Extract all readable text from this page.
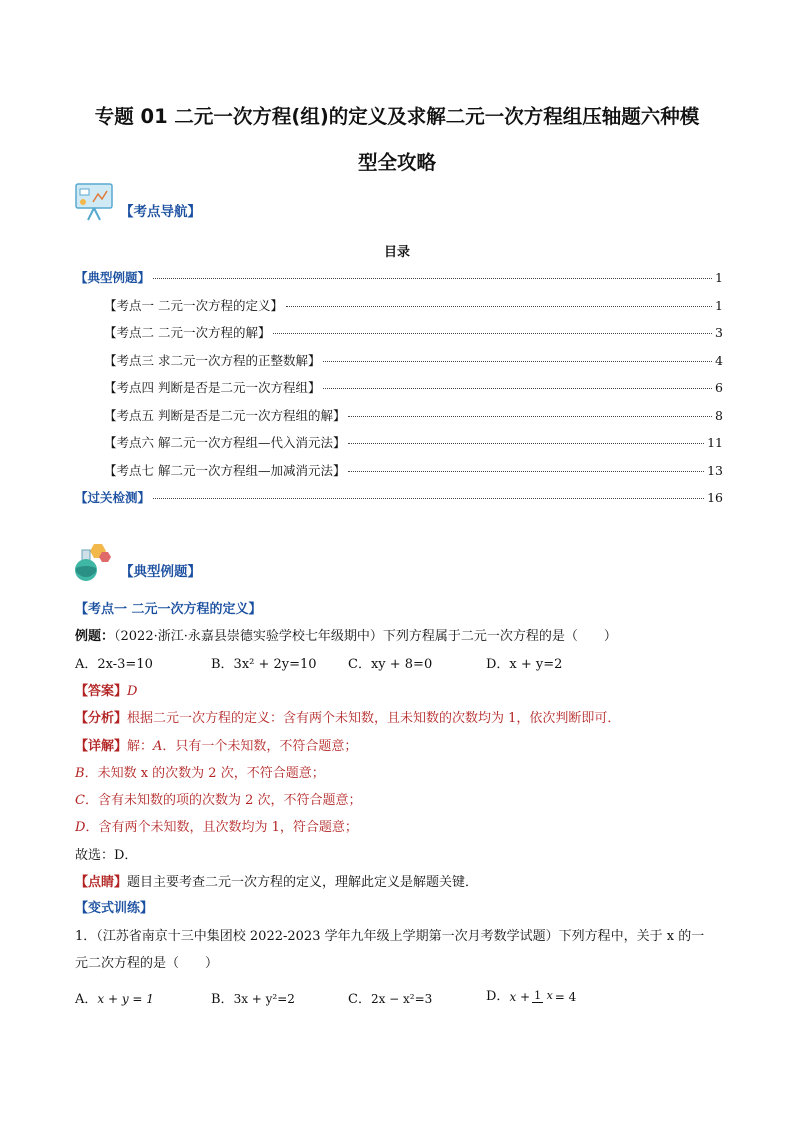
专题 01 二元一次方程(组)的定义及求解二元一次方程组压轴题六种模
型全攻略
【考点导航】
目录
【典型例题】	1
【考点一 二元一次方程的定义】	1
【考点二 二元一次方程的解】	3
【考点三 求二元一次方程的正整数解】	4
【考点四 判断是否是二元一次方程组】	6
【考点五 判断是否是二元一次方程组的解】	8
【考点六 解二元一次方程组—代入消元法】	11
【考点七 解二元一次方程组—加减消元法】	13
【过关检测】	16
【典型例题】
【考点一 二元一次方程的定义】
例题：（2022·浙江·永嘉县崇德实验学校七年级期中）下列方程属于二元一次方程的是（　　）
A．2x-3=10	B．3x² + 2y=10	C．xy + 8=0	D．x + y=2
【答案】D
【分析】根据二元一次方程的定义：含有两个未知数，且未知数的次数均为 1，依次判断即可．
【详解】解：A．只有一个未知数，不符合题意；
B．未知数 x 的次数为 2 次，不符合题意；
C．含有未知数的项的次数为 2 次，不符合题意；
D．含有两个未知数，且次数均为 1，符合题意；
故选：D．
【点睛】题目主要考查二元一次方程的定义，理解此定义是解题关键．
【变式训练】
1．（江苏省南京十三中集团校 2022-2023 学年九年级上学期第一次月考数学试题）下列方程中，关于 x 的一
元二次方程的是（　　）
A．x + y = 1	B．3x + y²=2	C．2x − x²=3	D． x + 1 x = 4
